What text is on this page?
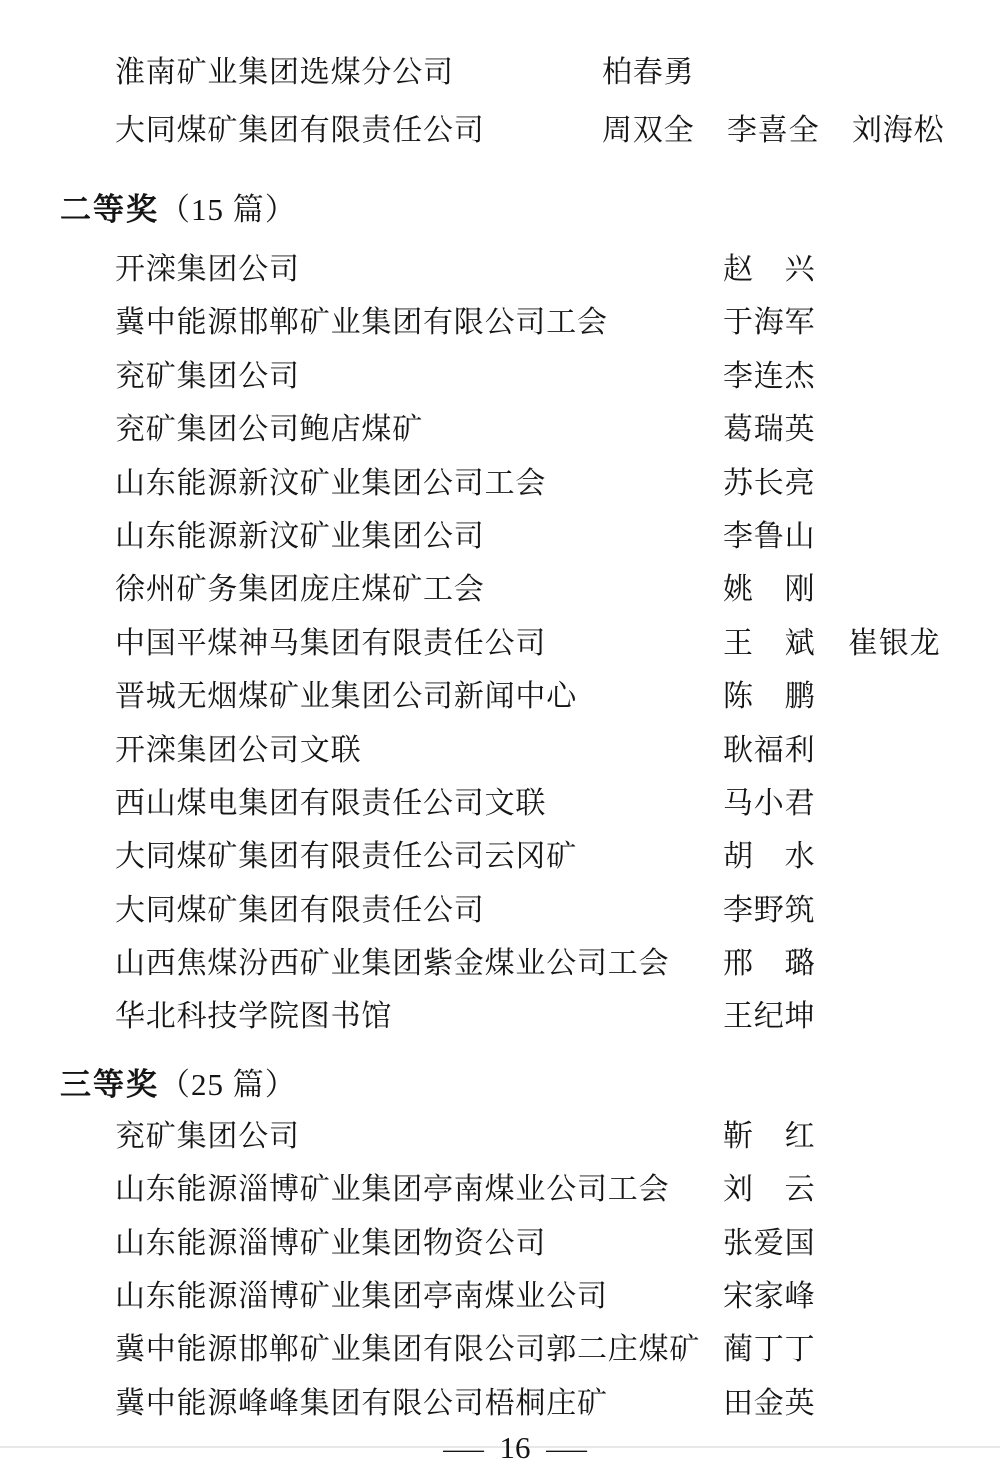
淮南矿业集团选煤分公司	柏春勇
大同煤矿集团有限责任公司	周双全 李喜全 刘海松
二等奖（15 篇）
开滦集团公司	赵　兴
冀中能源邯郸矿业集团有限公司工会	于海军
兖矿集团公司	李连杰
兖矿集团公司鲍店煤矿	葛瑞英
山东能源新汶矿业集团公司工会	苏长亮
山东能源新汶矿业集团公司	李鲁山
徐州矿务集团庞庄煤矿工会	姚　刚
中国平煤神马集团有限责任公司	王　斌 崔银龙
晋城无烟煤矿业集团公司新闻中心	陈　鹏
开滦集团公司文联	耿福利
西山煤电集团有限责任公司文联	马小君
大同煤矿集团有限责任公司云冈矿	胡　水
大同煤矿集团有限责任公司	李野筑
山西焦煤汾西矿业集团紫金煤业公司工会	邢　璐
华北科技学院图书馆	王纪坤
三等奖（25 篇）
兖矿集团公司	靳　红
山东能源淄博矿业集团亭南煤业公司工会	刘　云
山东能源淄博矿业集团物资公司	张爱国
山东能源淄博矿业集团亭南煤业公司	宋家峰
冀中能源邯郸矿业集团有限公司郭二庄煤矿 蔺丁丁
冀中能源峰峰集团有限公司梧桐庄矿	田金英
— 16 —
